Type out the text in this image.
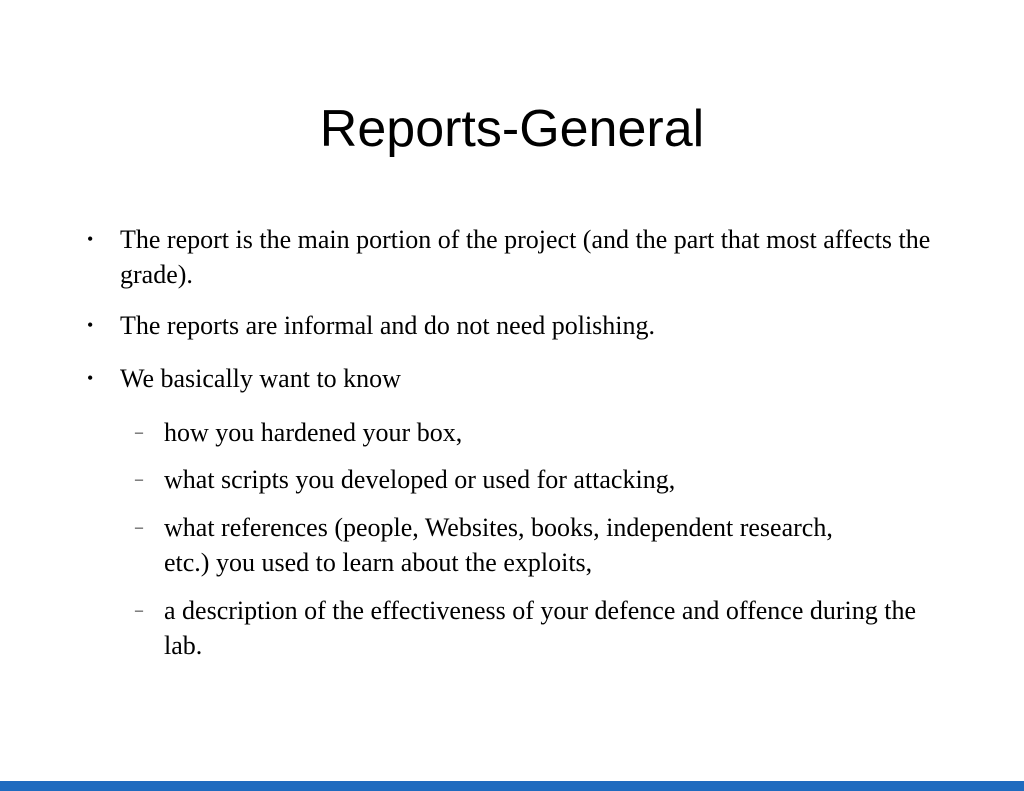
Reports-General
• The report is the main portion of the project (and the part that most affects the grade).
• The reports are informal and do not need polishing.
• We basically want to know
– how you hardened your box,
– what scripts you developed or used for attacking,
– what references (people, Websites, books, independent research, etc.) you used to learn about the exploits,
– a description of the effectiveness of your defence and offence during the lab.
